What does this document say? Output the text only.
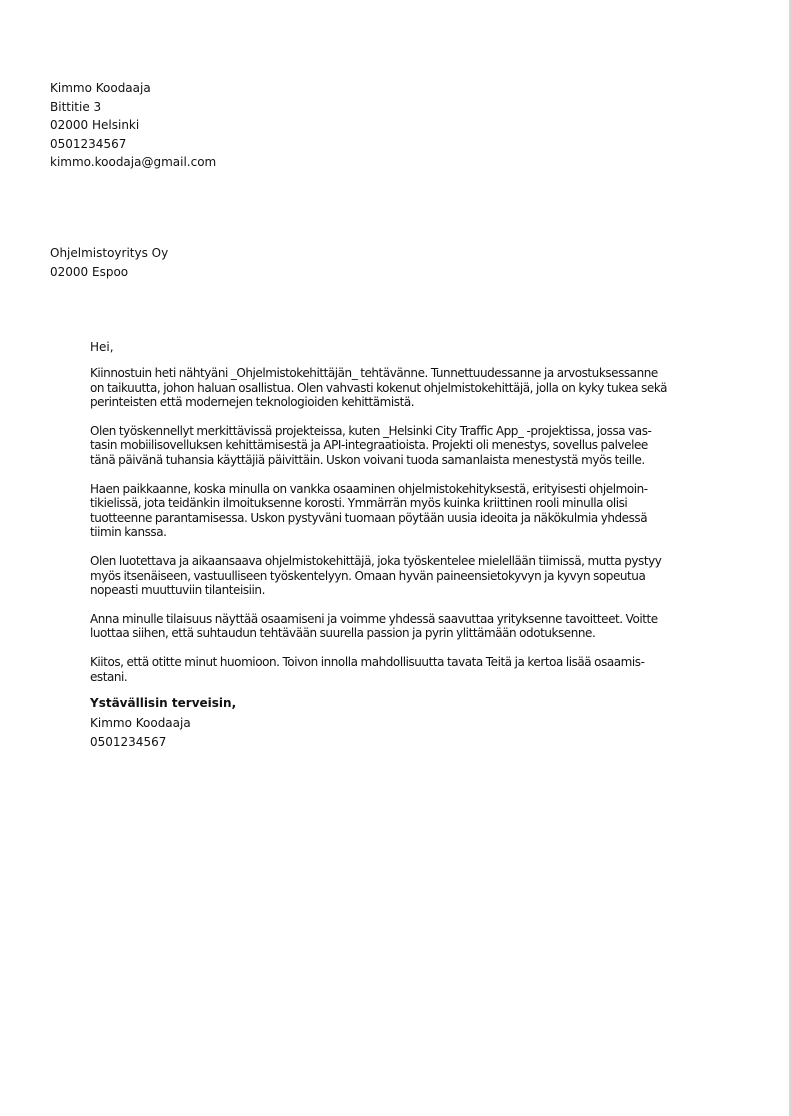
Kimmo Koodaaja
Bittitie 3
02000 Helsinki
0501234567
kimmo.koodaja@gmail.com
Ohjelmistoyritys Oy
02000 Espoo
Hei,
Kiinnostuin heti nähtyäni _Ohjelmistokehittäjän_ tehtävänne. Tunnettuudessanne ja arvostuksessanne
on taikuutta, johon haluan osallistua. Olen vahvasti kokenut ohjelmistokehittäjä, jolla on kyky tukea sekä
perinteisten että modernejen teknologioiden kehittämistä.
Olen työskennellyt merkittävissä projekteissa, kuten _Helsinki City Traffic App_ -projektissa, jossa vas-
tasin mobiilisovelluksen kehittämisestä ja API-integraatioista. Projekti oli menestys, sovellus palvelee
tänä päivänä tuhansia käyttäjiä päivittäin. Uskon voivani tuoda samanlaista menestystä myös teille.
Haen paikkaanne, koska minulla on vankka osaaminen ohjelmistokehityksestä, erityisesti ohjelmoin-
tikielissä, jota teidänkin ilmoituksenne korosti. Ymmärrän myös kuinka kriittinen rooli minulla olisi
tuotteenne parantamisessa. Uskon pystyväni tuomaan pöytään uusia ideoita ja näkökulmia yhdessä
tiimin kanssa.
Olen luotettava ja aikaansaava ohjelmistokehittäjä, joka työskentelee mielellään tiimissä, mutta pystyy
myös itsenäiseen, vastuulliseen työskentelyyn. Omaan hyvän paineensietokyvyn ja kyvyn sopeutua
nopeasti muuttuviin tilanteisiin.
Anna minulle tilaisuus näyttää osaamiseni ja voimme yhdessä saavuttaa yrityksenne tavoitteet. Voitte
luottaa siihen, että suhtaudun tehtävään suurella passion ja pyrin ylittämään odotuksenne.
Kiitos, että otitte minut huomioon. Toivon innolla mahdollisuutta tavata Teitä ja kertoa lisää osaamis-
estani.
Ystävällisin terveisin,
Kimmo Koodaaja
0501234567
